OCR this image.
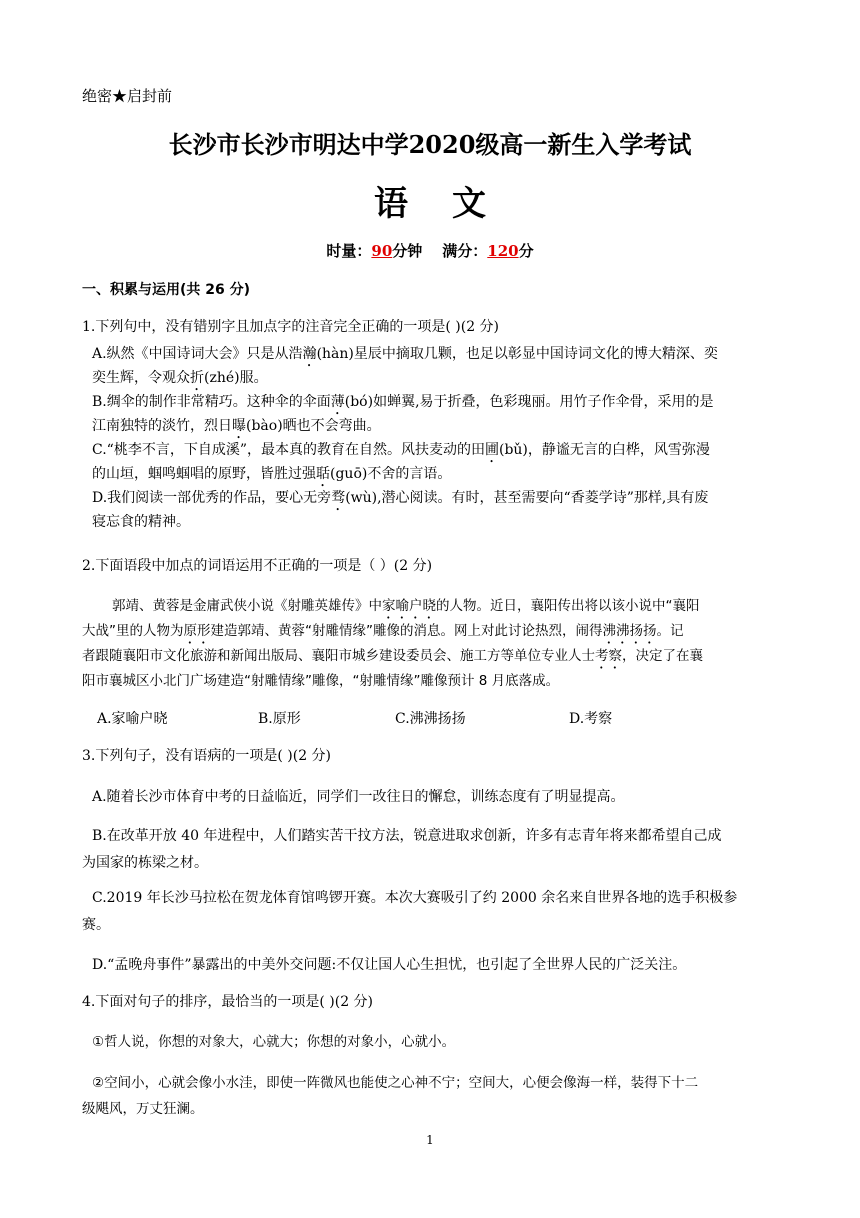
绝密★启封前
长沙市长沙市明达中学2020级高一新生入学考试
语文
时量：90分钟 满分：120分
一、积累与运用(共 26 分)
1.下列句中，没有错别字且加点字的注音完全正确的一项是( )(2 分)
A.纵然《中国诗词大会》只是从浩瀚(hàn)星辰中摘取几颗，也足以彰显中国诗词文化的博大精深、奕
奕生辉，令观众折(zhé)服。
B.绸伞的制作非常精巧。这种伞的伞面薄(bó)如蝉翼,易于折叠，色彩瑰丽。用竹子作伞骨，采用的是
江南独特的淡竹，烈日曝(bào)晒也不会弯曲。
C.“桃李不言，下自成溪”，最本真的教育在自然。风扶麦动的田圃(bǔ)，静谧无言的白桦，风雪弥漫
的山垣，蝈鸣蝈唱的原野，皆胜过强聒(guō)不舍的言语。
D.我们阅读一部优秀的作品，要心无旁骛(wù),潜心阅读。有时，甚至需要向“香菱学诗”那样,具有废
寝忘食的精神。
2.下面语段中加点的词语运用不正确的一项是（ ）(2 分)
郭靖、黄蓉是金庸武侠小说《射雕英雄传》中家喻户晓的人物。近日，襄阳传出将以该小说中“襄阳
大战”里的人物为原形建造郭靖、黄蓉“射雕情缘”雕像的消息。网上对此讨论热烈，闹得沸沸扬扬。记
者跟随襄阳市文化旅游和新闻出版局、襄阳市城乡建设委员会、施工方等单位专业人士考察，决定了在襄
阳市襄城区小北门广场建造“射雕情缘”雕像，“射雕情缘”雕像预计 8 月底落成。
A.家喻户晓	B.原形	C.沸沸扬扬	D.考察
3.下列句子，没有语病的一项是( )(2 分)
A.随着长沙市体育中考的日益临近，同学们一改往日的懈怠，训练态度有了明显提高。
B.在改革开放 40 年进程中，人们踏实苦干抆方法，锐意进取求创新，许多有志青年将来都希望自己成
为国家的栋梁之材。
C.2019 年长沙马拉松在贺龙体育馆鸣锣开赛。本次大赛吸引了约 2000 余名来自世界各地的选手积极参
赛。
D.“孟晚舟事件”暴露出的中美外交问题:不仅让国人心生担忧，也引起了全世界人民的广泛关注。
4.下面对句子的排序，最恰当的一项是( )(2 分)
①哲人说，你想的对象大，心就大；你想的对象小，心就小。
②空间小，心就会像小水洼，即使一阵微风也能使之心神不宁；空间大，心便会像海一样，装得下十二
级飓风，万丈狂澜。
1
